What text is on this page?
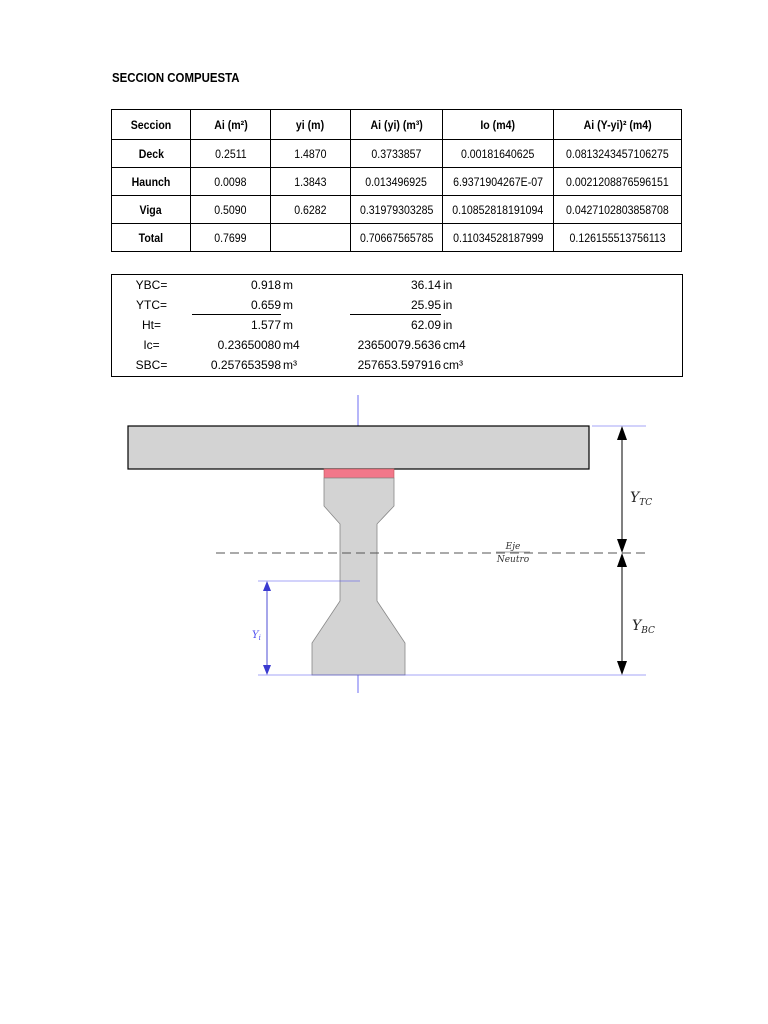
SECCION COMPUESTA
Seccion	Ai (m²)	yi (m)	Ai (yi) (m³)	Io (m4)	Ai (Y-yi)² (m4)
Deck	0.2511	1.4870	0.3733857	0.00181640625	0.0813243457106275
Haunch	0.0098	1.3843	0.013496925	6.9371904267E-07	0.0021208876596151
Viga	0.5090	0.6282	0.31979303285	0.10852818191094	0.0427102803858708
Total	0.7699		0.70667565785	0.11034528187999	0.126155513756113
YBC=	0.918 m	36.14 in
YTC=	0.659 m	25.95 in
Ht=	1.577 m	62.09 in
Ic=	0.23650080 m4	23650079.5636 cm4
SBC=	0.257653598 m³	257653.597916 cm³
$Y_{TC}$
$Y_{BC}$
$Y_i$
Eje
Neutro
